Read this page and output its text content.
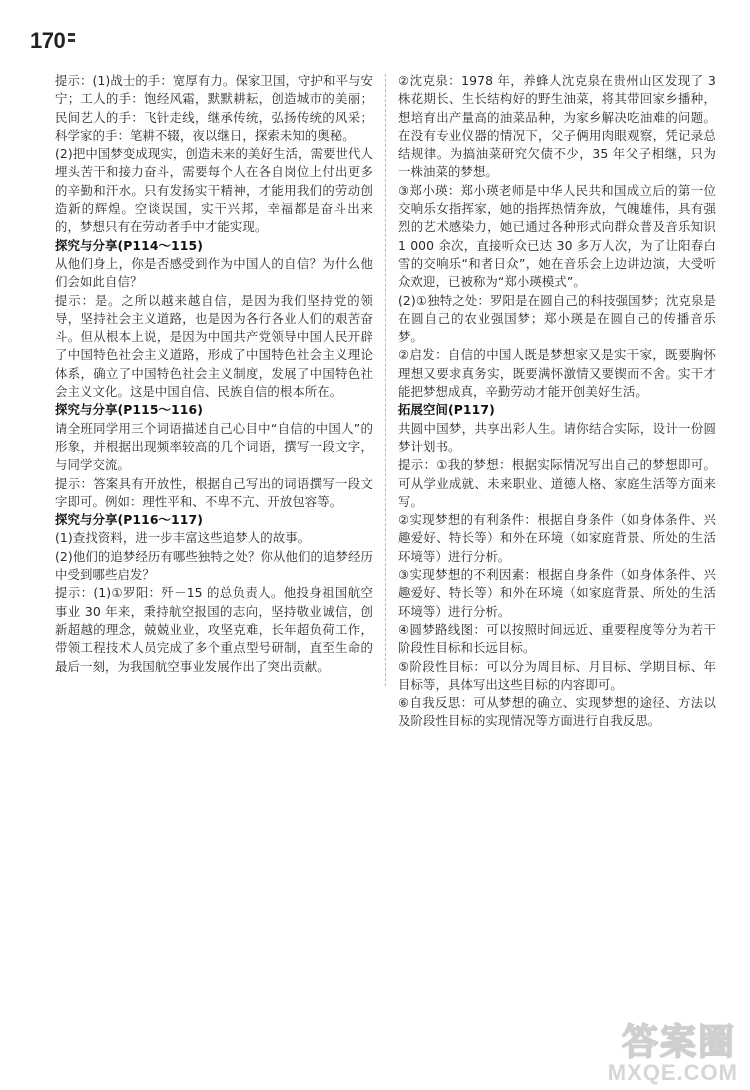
170

提示：(1)战士的手：宽厚有力。保家卫国，守护和平与安宁；工人的手：饱经风霜，默默耕耘，创造城市的美丽；民间艺人的手：飞针走线，继承传统，弘扬传统的风采；科学家的手：笔耕不辍，夜以继日，探索未知的奥秘。

(2)把中国梦变成现实，创造未来的美好生活，需要世代人埋头苦干和接力奋斗，需要每个人在各自岗位上付出更多的辛勤和汗水。只有发扬实干精神，才能用我们的劳动创造新的辉煌。空谈误国，实干兴邦，幸福都是奋斗出来的，梦想只有在劳动者手中才能实现。

探究与分享(P114～115)

从他们身上，你是否感受到作为中国人的自信？为什么他们会如此自信？

提示：是。之所以越来越自信，是因为我们坚持党的领导，坚持社会主义道路，也是因为各行各业人们的艰苦奋斗。但从根本上说，是因为中国共产党领导中国人民开辟了中国特色社会主义道路，形成了中国特色社会主义理论体系，确立了中国特色社会主义制度，发展了中国特色社会主义文化。这是中国自信、民族自信的根本所在。

探究与分享(P115～116)

请全班同学用三个词语描述自己心目中“自信的中国人”的形象，并根据出现频率较高的几个词语，撰写一段文字，与同学交流。

提示：答案具有开放性，根据自己写出的词语撰写一段文字即可。例如：理性平和、不卑不亢、开放包容等。

探究与分享(P116～117)

(1)查找资料，进一步丰富这些追梦人的故事。

(2)他们的追梦经历有哪些独特之处？你从他们的追梦经历中受到哪些启发？

提示：(1)①罗阳：歼－15 的总负责人。他投身祖国航空事业 30 年来，秉持航空报国的志向，坚持敬业诚信，创新超越的理念，兢兢业业，攻坚克难，长年超负荷工作，带领工程技术人员完成了多个重点型号研制，直至生命的最后一刻，为我国航空事业发展作出了突出贡献。

②沈克泉：1978 年，养蜂人沈克泉在贵州山区发现了 3 株花期长、生长结构好的野生油菜，将其带回家乡播种，想培育出产量高的油菜品种，为家乡解决吃油难的问题。在没有专业仪器的情况下，父子俩用肉眼观察，凭记录总结规律。为搞油菜研究欠债不少，35 年父子相继，只为一株油菜的梦想。

③郑小瑛：郑小瑛老师是中华人民共和国成立后的第一位交响乐女指挥家，她的指挥热情奔放，气魄雄伟，具有强烈的艺术感染力，她已通过各种形式向群众普及音乐知识 1 000 余次，直接听众已达 30 多万人次，为了让阳春白雪的交响乐“和者日众”，她在音乐会上边讲边演，大受听众欢迎，已被称为“郑小瑛模式”。

(2)①独特之处：罗阳是在圆自己的科技强国梦；沈克泉是在圆自己的农业强国梦；郑小瑛是在圆自己的传播音乐梦。

②启发：自信的中国人既是梦想家又是实干家，既要胸怀理想又要求真务实，既要满怀激情又要锲而不舍。实干才能把梦想成真，辛勤劳动才能开创美好生活。

拓展空间(P117)

共圆中国梦，共享出彩人生。请你结合实际，设计一份圆梦计划书。

提示：①我的梦想：根据实际情况写出自己的梦想即可。可从学业成就、未来职业、道德人格、家庭生活等方面来写。

②实现梦想的有利条件：根据自身条件（如身体条件、兴趣爱好、特长等）和外在环境（如家庭背景、所处的生活环境等）进行分析。

③实现梦想的不利因素：根据自身条件（如身体条件、兴趣爱好、特长等）和外在环境（如家庭背景、所处的生活环境等）进行分析。

④圆梦路线图：可以按照时间远近、重要程度等分为若干阶段性目标和长远目标。

⑤阶段性目标：可以分为周目标、月目标、学期目标、年目标等，具体写出这些目标的内容即可。

⑥自我反思：可从梦想的确立、实现梦想的途径、方法以及阶段性目标的实现情况等方面进行自我反思。

答案圈
MXQE.COM
